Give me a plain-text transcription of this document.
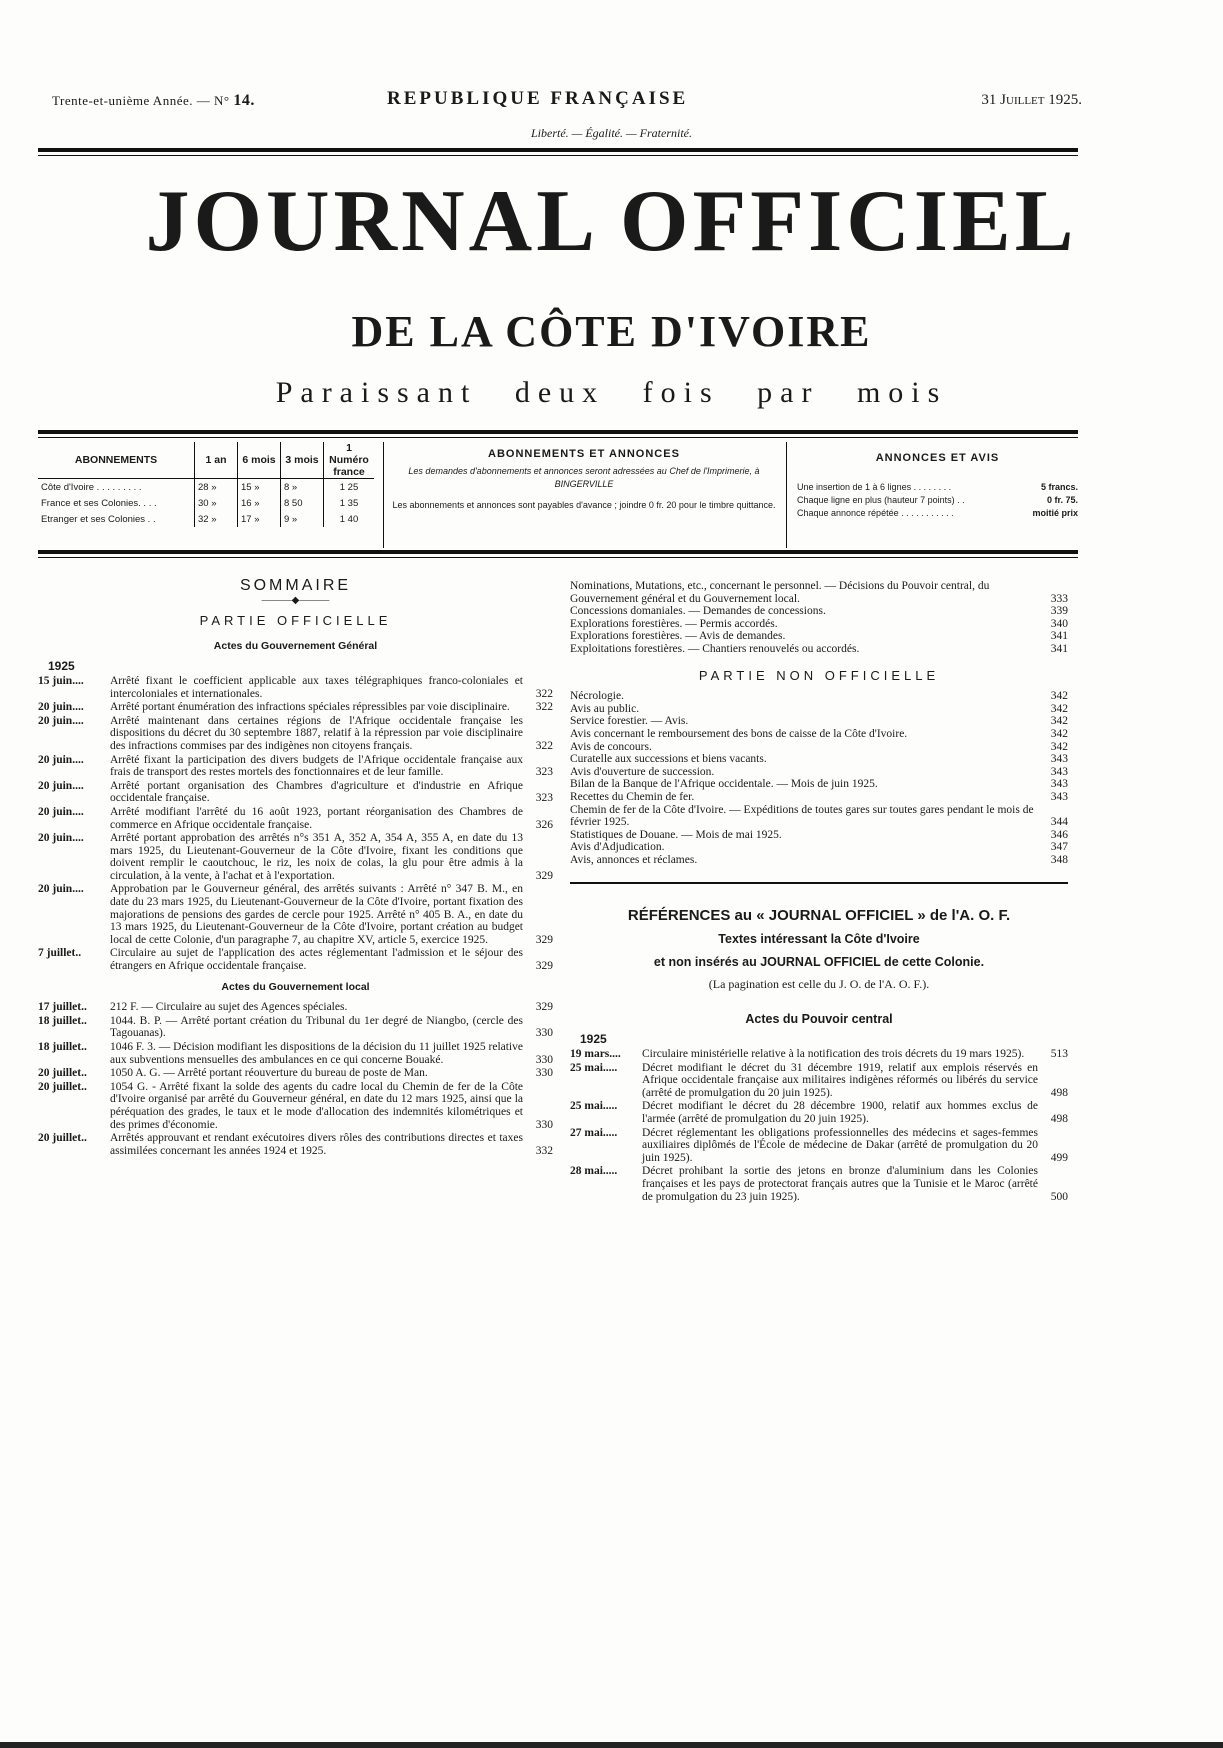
Trente-et-unième Année. — N° 14.	REPUBLIQUE FRANÇAISE	31 Juillet 1925.
Liberté. — Égalité. — Fraternité.
JOURNAL OFFICIEL
DE LA CÔTE D'IVOIRE
Paraissant deux fois par mois
ABONNEMENTS	1 an	6 mois	3 mois	1 Numéro france
Côte d'Ivoire . . . . . . . . .	28 »	15 »	8 »	1 25
France et ses Colonies. . . .	30 »	16 »	8 50	1 35
Etranger et ses Colonies . .	32 »	17 »	9 »	1 40
ABONNEMENTS ET ANNONCES
Les demandes d'abonnements et annonces seront adressées au Chef de l'Imprimerie, à BINGERVILLE
Les abonnements et annonces sont payables d'avance ; joindre 0 fr. 20 pour le timbre quittance.
ANNONCES ET AVIS
Une insertion de 1 à 6 lignes . . . . . . . .	5 francs.
Chaque ligne en plus (hauteur 7 points) . .	0 fr. 75.
Chaque annonce répétée . . . . . . . . . . .	moitié prix
SOMMAIRE
———◆———
PARTIE OFFICIELLE
Actes du Gouvernement Général
1925
15 juin....	Arrêté fixant le coefficient applicable aux taxes télégraphiques franco-coloniales et intercoloniales et internationales.	322
20 juin....	Arrêté portant énumération des infractions spéciales répressibles par voie disciplinaire.	322
20 juin....	Arrêté maintenant dans certaines régions de l'Afrique occidentale française les dispositions du décret du 30 septembre 1887, relatif à la répression par voie disciplinaire des infractions commises par des indigènes non citoyens français.	322
20 juin....	Arrêté fixant la participation des divers budgets de l'Afrique occidentale française aux frais de transport des restes mortels des fonctionnaires et de leur famille.	323
20 juin....	Arrêté portant organisation des Chambres d'agriculture et d'industrie en Afrique occidentale française.	323
20 juin....	Arrêté modifiant l'arrêté du 16 août 1923, portant réorganisation des Chambres de commerce en Afrique occidentale française.	326
20 juin....	Arrêté portant approbation des arrêtés n°s 351 A, 352 A, 354 A, 355 A, en date du 13 mars 1925, du Lieutenant-Gouverneur de la Côte d'Ivoire, fixant les conditions que doivent remplir le caoutchouc, le riz, les noix de colas, la glu pour être admis à la circulation, à la vente, à l'achat et à l'exportation.	329
20 juin....	Approbation par le Gouverneur général, des arrêtés suivants : Arrêté n° 347 B. M., en date du 23 mars 1925, du Lieutenant-Gouverneur de la Côte d'Ivoire, portant fixation des majorations de pensions des gardes de cercle pour 1925. Arrêté n° 405 B. A., en date du 13 mars 1925, du Lieutenant-Gouverneur de la Côte d'Ivoire, portant création au budget local de cette Colonie, d'un paragraphe 7, au chapitre XV, article 5, exercice 1925.	329
7 juillet..	Circulaire au sujet de l'application des actes réglementant l'admission et le séjour des étrangers en Afrique occidentale française.	329
Actes du Gouvernement local
17 juillet..	212 F. — Circulaire au sujet des Agences spéciales.	329
18 juillet..	1044. B. P. — Arrêté portant création du Tribunal du 1er degré de Niangbo, (cercle des Tagouanas).	330
18 juillet..	1046 F. 3. — Décision modifiant les dispositions de la décision du 11 juillet 1925 relative aux subventions mensuelles des ambulances en ce qui concerne Bouaké.	330
20 juillet..	1050 A. G. — Arrêté portant réouverture du bureau de poste de Man.	330
20 juillet..	1054 G. - Arrêté fixant la solde des agents du cadre local du Chemin de fer de la Côte d'Ivoire organisé par arrêté du Gouverneur général, en date du 12 mars 1925, ainsi que la péréquation des grades, le taux et le mode d'allocation des indemnités kilométriques et des primes d'économie.	330
20 juillet..	Arrêtés approuvant et rendant exécutoires divers rôles des contributions directes et taxes assimilées concernant les années 1924 et 1925.	332
Nominations, Mutations, etc., concernant le personnel. — Décisions du Pouvoir central, du Gouvernement général et du Gouvernement local.	333
Concessions domaniales. — Demandes de concessions.	339
Explorations forestières. — Permis accordés.	340
Explorations forestières. — Avis de demandes.	341
Exploitations forestières. — Chantiers renouvelés ou accordés.	341
PARTIE NON OFFICIELLE
Nécrologie.	342
Avis au public.	342
Service forestier. — Avis.	342
Avis concernant le remboursement des bons de caisse de la Côte d'Ivoire.	342
Avis de concours.	342
Curatelle aux successions et biens vacants.	343
Avis d'ouverture de succession.	343
Bilan de la Banque de l'Afrique occidentale. — Mois de juin 1925.	343
Recettes du Chemin de fer.	343
Chemin de fer de la Côte d'Ivoire. — Expéditions de toutes gares sur toutes gares pendant le mois de février 1925.	344
Statistiques de Douane. — Mois de mai 1925.	346
Avis d'Adjudication.	347
Avis, annonces et réclames.	348
RÉFÉRENCES au « JOURNAL OFFICIEL » de l'A. O. F.
Textes intéressant la Côte d'Ivoire
et non insérés au JOURNAL OFFICIEL de cette Colonie.
(La pagination est celle du J. O. de l'A. O. F.).
Actes du Pouvoir central
1925
19 mars....	Circulaire ministérielle relative à la notification des trois décrets du 19 mars 1925).	513
25 mai.....	Décret modifiant le décret du 31 décembre 1919, relatif aux emplois réservés en Afrique occidentale française aux militaires indigènes réformés ou libérés du service (arrêté de promulgation du 20 juin 1925).	498
25 mai.....	Décret modifiant le décret du 28 décembre 1900, relatif aux hommes exclus de l'armée (arrêté de promulgation du 20 juin 1925).	498
27 mai.....	Décret réglementant les obligations professionnelles des médecins et sages-femmes auxiliaires diplômés de l'École de médecine de Dakar (arrêté de promulgation du 20 juin 1925).	499
28 mai.....	Décret prohibant la sortie des jetons en bronze d'aluminium dans les Colonies françaises et les pays de protectorat français autres que la Tunisie et le Maroc (arrêté de promulgation du 23 juin 1925).	500
